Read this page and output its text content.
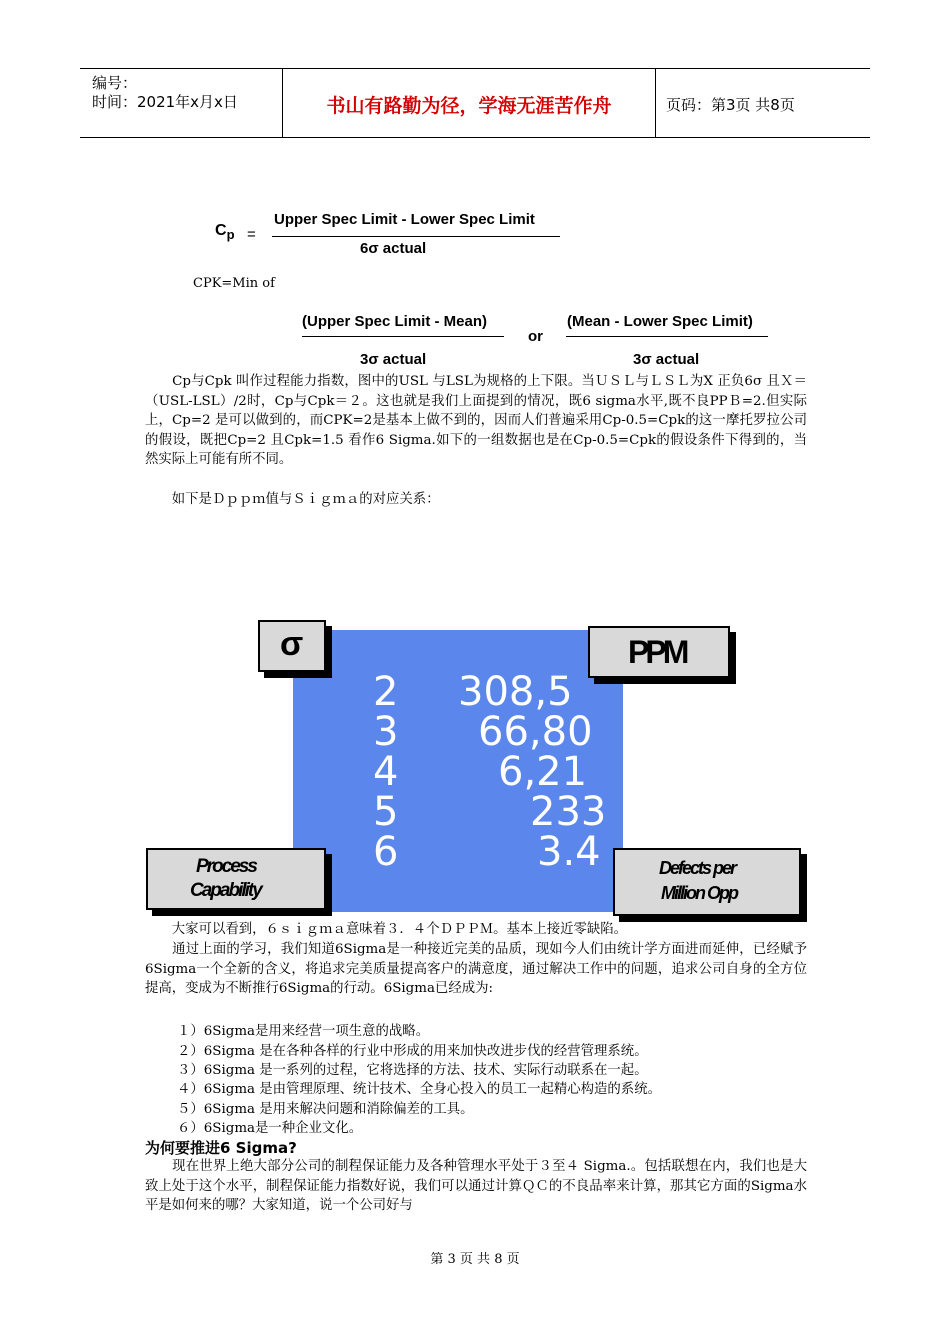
编号：
时间：2021年x月x日	书山有路勤为径，学海无涯苦作舟	页码：第3页 共8页
$C_p$ =
Upper Spec Limit - Lower Spec Limit
6σ actual
CPK=Min of
(Upper Spec Limit - Mean)
3σ actual
or
(Mean - Lower Spec Limit)
3σ actual
　　Cp与Cpk 叫作过程能力指数，图中的USL 与LSL为规格的上下限。当ＵＳＬ与ＬＳＬ为X 正负6σ 且Ｘ＝（USL-LSL）/2时，Cp与Cpk＝２。这也就是我们上面提到的情况，既6 sigma水平,既不良PPＢ=2.但实际上，Cp=2 是可以做到的，而CPK=2是基本上做不到的，因而人们普遍采用Cp-0.5=Cpk的这一摩托罗拉公司的假设，既把Cp=2 且Cpk=1.5 看作6 Sigma.如下的一组数据也是在Cp-0.5=Cpk的假设条件下得到的，当然实际上可能有所不同。
　　如下是Ｄｐｐｍ值与Ｓｉｇｍａ的对应关系：
2 308,5
3 66,80
4 6,21
5	233
6	3.4
σ	PPM
Process
Capability
Defects per
Million Opp
　　大家可以看到，６ｓｉｇｍａ意味着３．４个ＤＰＰＭ。基本上接近零缺陷。
　　通过上面的学习，我们知道6Sigma是一种接近完美的品质，现如今人们由统计学方面进而延伸，已经赋予6Sigma一个全新的含义，将追求完美质量提高客户的满意度，通过解决工作中的问题，追求公司自身的全方位提高，变成为不断推行6Sigma的行动。6Sigma已经成为:
１）6Sigma是用来经营一项生意的战略。
２）6Sigma 是在各种各样的行业中形成的用来加快改进步伐的经营管理系统。
３）6Sigma 是一系列的过程，它将选择的方法、技术、实际行动联系在一起。
４）6Sigma 是由管理原理、统计技术、全身心投入的员工一起精心构造的系统。
５）6Sigma 是用来解决问题和消除偏差的工具。
６）6Sigma是一种企业文化。
为何要推进6 Sigma?
　　现在世界上绝大部分公司的制程保证能力及各种管理水平处于３至４ Sigma.。包括联想在内，我们也是大致上处于这个水平，制程保证能力指数好说，我们可以通过计算ＱＣ的不良品率来计算，那其它方面的Sigma水平是如何来的哪？大家知道，说一个公司好与
第 3 页 共 8 页
